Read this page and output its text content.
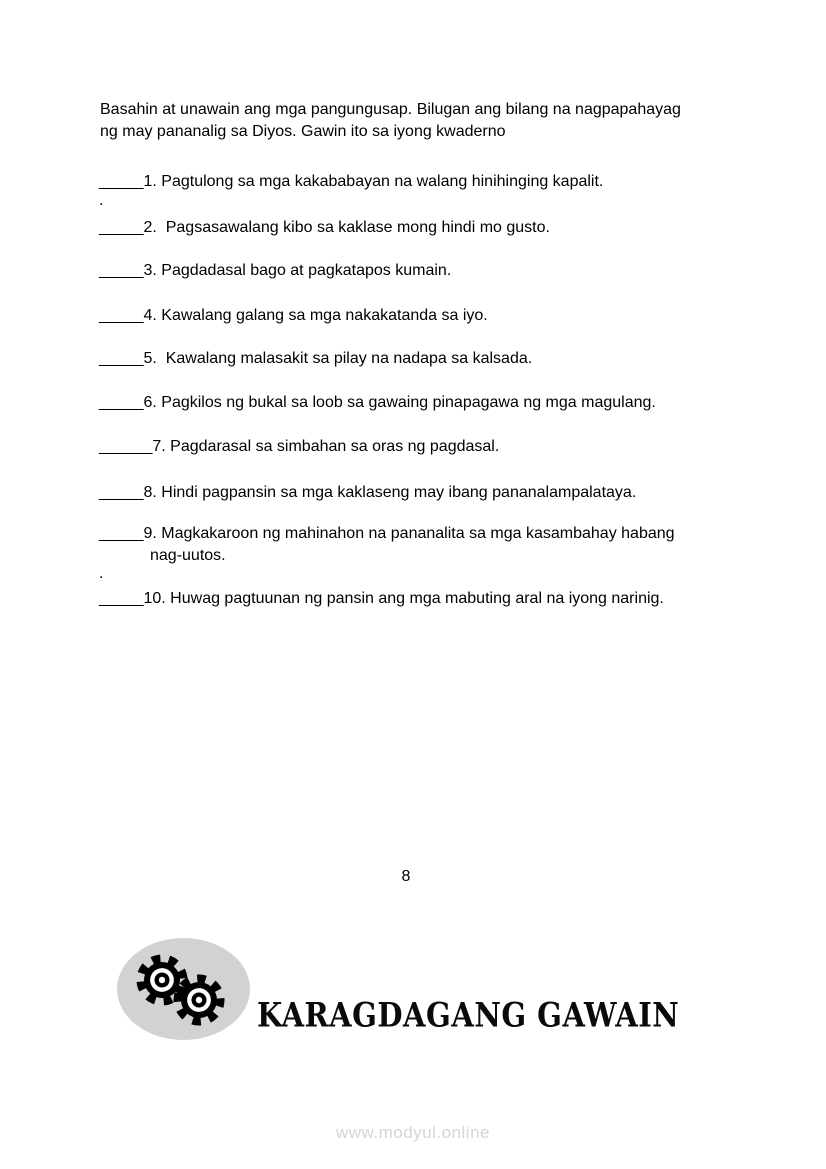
Basahin at unawain ang mga pangungusap. Bilugan ang bilang na nagpapahayag
ng may pananalig sa Diyos. Gawin ito sa iyong kwaderno
_____1. Pagtulong sa mga kakababayan na walang hinihinging kapalit.
.
_____2.  Pagsasawalang kibo sa kaklase mong hindi mo gusto.
_____3. Pagdadasal bago at pagkatapos kumain.
_____4. Kawalang galang sa mga nakakatanda sa iyo.
_____5.  Kawalang malasakit sa pilay na nadapa sa kalsada.
_____6. Pagkilos ng bukal sa loob sa gawaing pinapagawa ng mga magulang.
______7. Pagdarasal sa simbahan sa oras ng pagdasal.
_____8. Hindi pagpansin sa mga kaklaseng may ibang pananalampalataya.
_____9. Magkakaroon ng mahinahon na pananalita sa mga kasambahay habang
nag-uutos.
.
_____10. Huwag pagtuunan ng pansin ang mga mabuting aral na iyong narinig.
8
KARAGDAGANG GAWAIN
www.modyul.online
